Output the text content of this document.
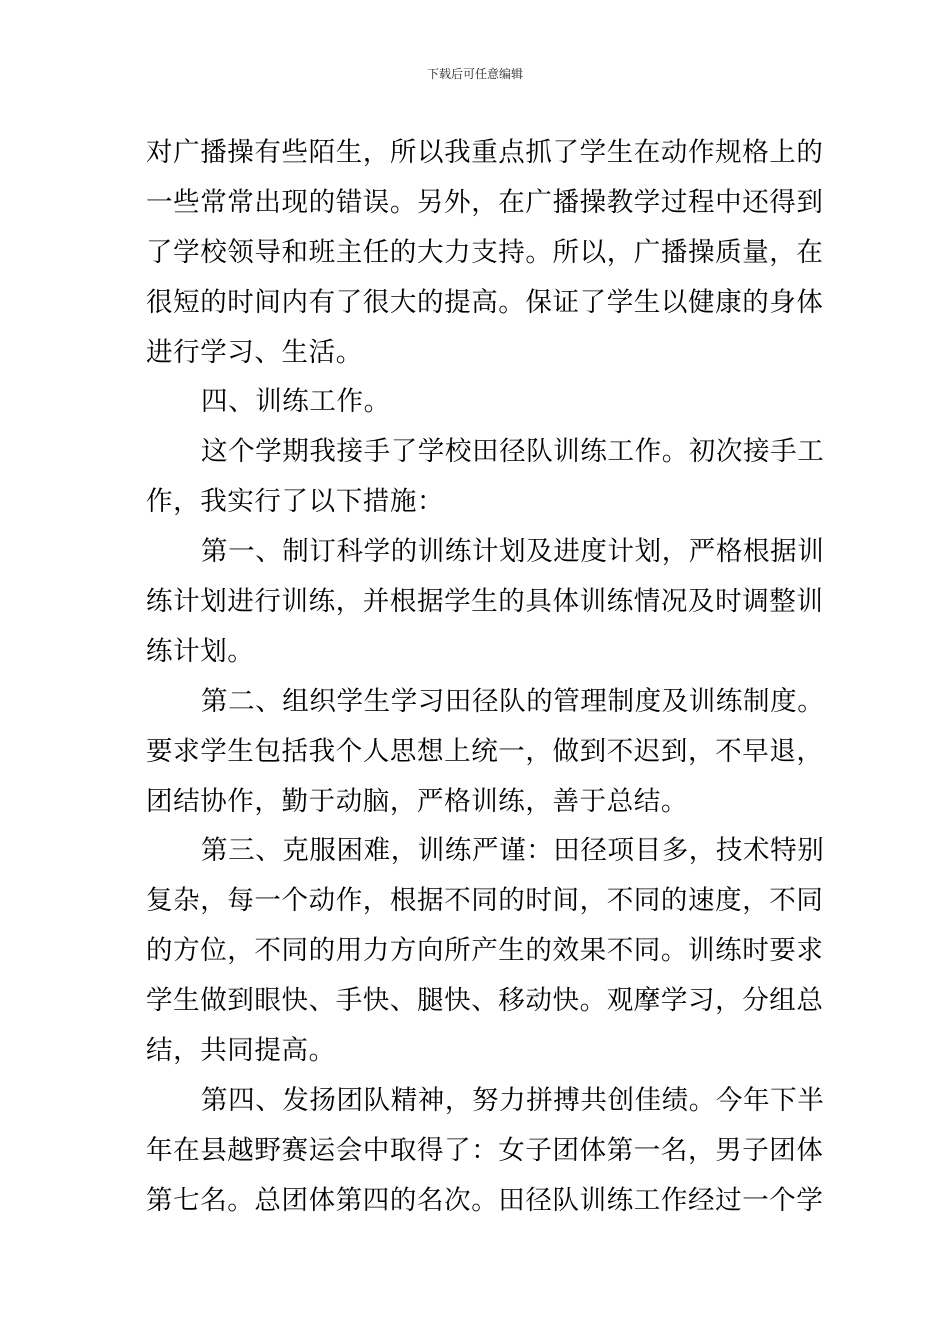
下载后可任意编辑
对广播操有些陌生，所以我重点抓了学生在动作规格上的
一些常常出现的错误。另外，在广播操教学过程中还得到
了学校领导和班主任的大力支持。所以，广播操质量，在
很短的时间内有了很大的提高。保证了学生以健康的身体
进行学习、生活。
四、训练工作。
这个学期我接手了学校田径队训练工作。初次接手工
作，我实行了以下措施：
第一、制订科学的训练计划及进度计划，严格根据训
练计划进行训练，并根据学生的具体训练情况及时调整训
练计划。
第二、组织学生学习田径队的管理制度及训练制度。
要求学生包括我个人思想上统一，做到不迟到，不早退，
团结协作，勤于动脑，严格训练，善于总结。
第三、克服困难，训练严谨：田径项目多，技术特别
复杂，每一个动作，根据不同的时间，不同的速度，不同
的方位，不同的用力方向所产生的效果不同。训练时要求
学生做到眼快、手快、腿快、移动快。观摩学习，分组总
结，共同提高。
第四、发扬团队精神，努力拼搏共创佳绩。今年下半
年在县越野赛运会中取得了：女子团体第一名，男子团体
第七名。总团体第四的名次。田径队训练工作经过一个学
